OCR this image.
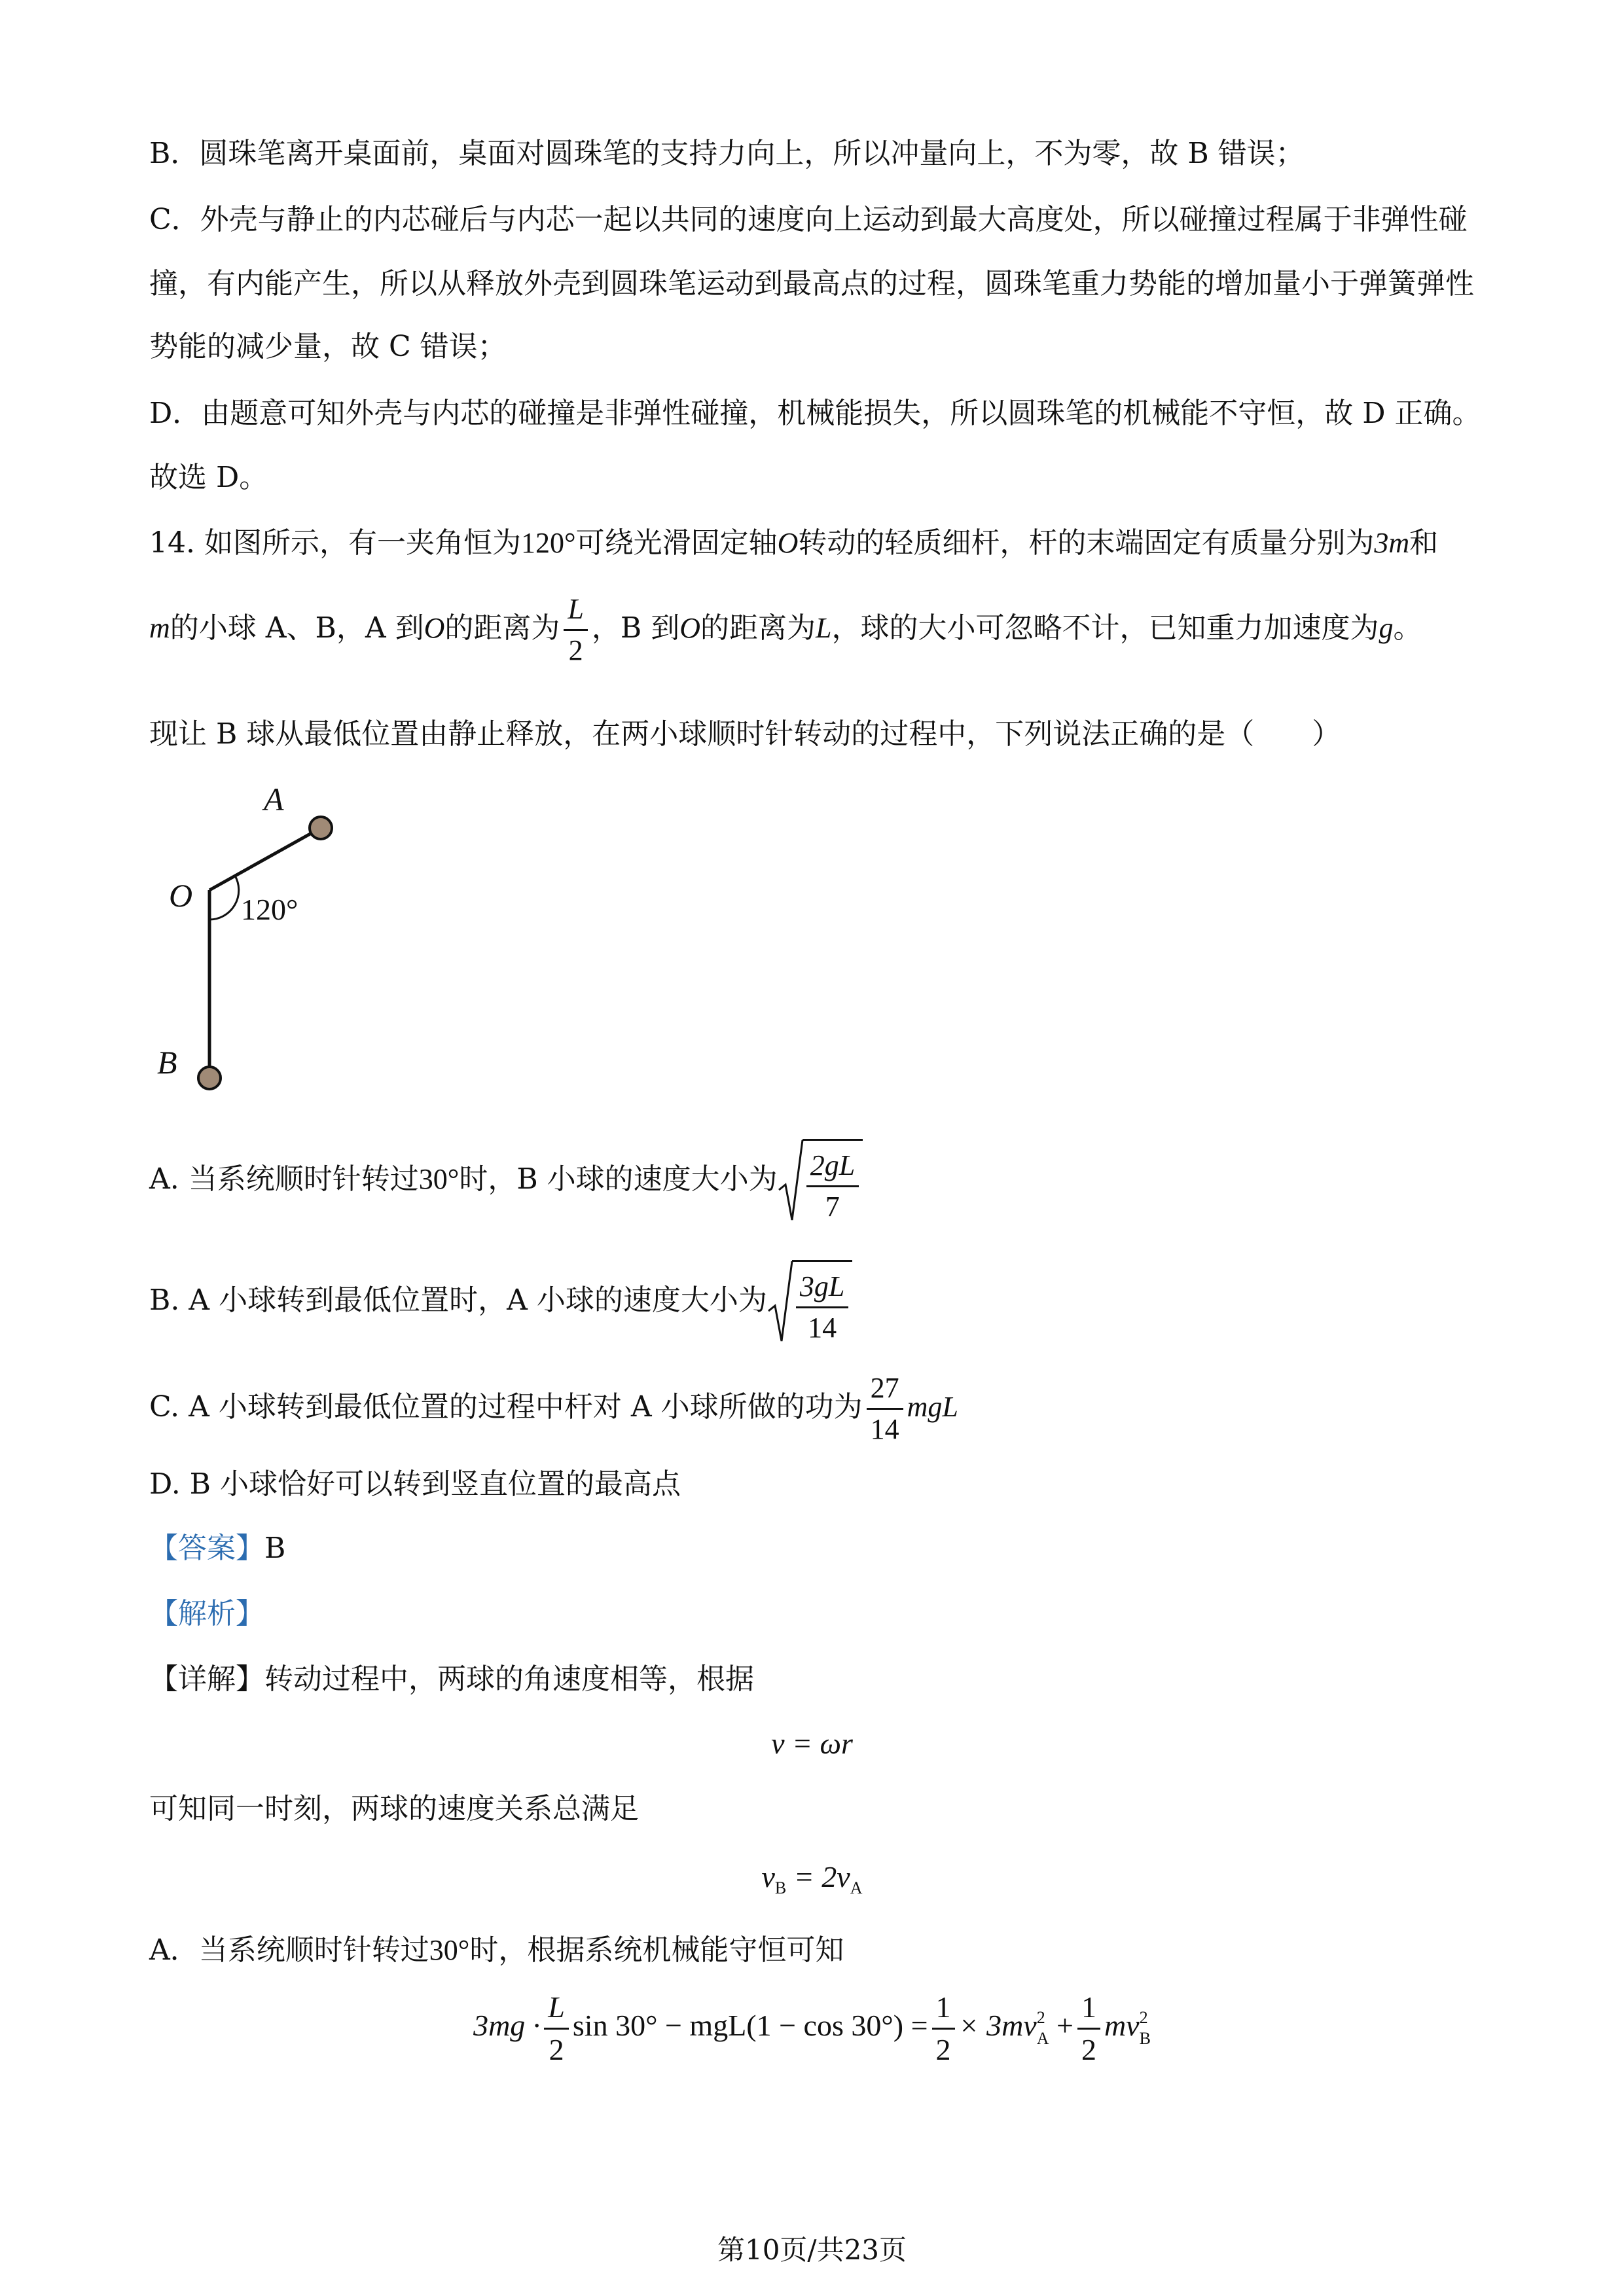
B．圆珠笔离开桌面前，桌面对圆珠笔的支持力向上，所以冲量向上，不为零，故 B 错误；
C．外壳与静止的内芯碰后与内芯一起以共同的速度向上运动到最大高度处，所以碰撞过程属于非弹性碰
撞，有内能产生，所以从释放外壳到圆珠笔运动到最高点的过程，圆珠笔重力势能的增加量小于弹簧弹性
势能的减少量，故 C 错误；
D．由题意可知外壳与内芯的碰撞是非弹性碰撞，机械能损失，所以圆珠笔的机械能不守恒，故 D 正确。
故选 D。
14. 如图所示，有一夹角恒为120°可绕光滑固定轴O转动的轻质细杆，杆的末端固定有质量分别为3m和
m的小球 A、B，A 到O的距离为 $\frac{L}{2}$ ，B 到O的距离为L，球的大小可忽略不计，已知重力加速度为g。
现让 B 球从最低位置由静止释放，在两小球顺时针转动的过程中，下列说法正确的是（　　）
A
O 120°
B
A. 当系统顺时针转过30°时，B 小球的速度大小为 $\frac{2gL}{7}$
B. A 小球转到最低位置时，A 小球的速度大小为 $\frac{3gL}{14}$
C. A 小球转到最低位置的过程中杆对 A 小球所做的功为 $\frac{27}{14}$ mgL
D. B 小球恰好可以转到竖直位置的最高点
【答案】B
【解析】
【详解】转动过程中，两球的角速度相等，根据
v = ωr
可知同一时刻，两球的速度关系总满足
$v_B = 2v_A$
A．当系统顺时针转过30°时，根据系统机械能守恒可知
$3mg \cdot \frac{L}{2}$ $\sin 30^\circ - mgL(1 - \cos 30^\circ) = \frac{1}{2} \times 3mv$ 2
$A + \frac{1}{2}$ mv 2
B
第10页/共23页
